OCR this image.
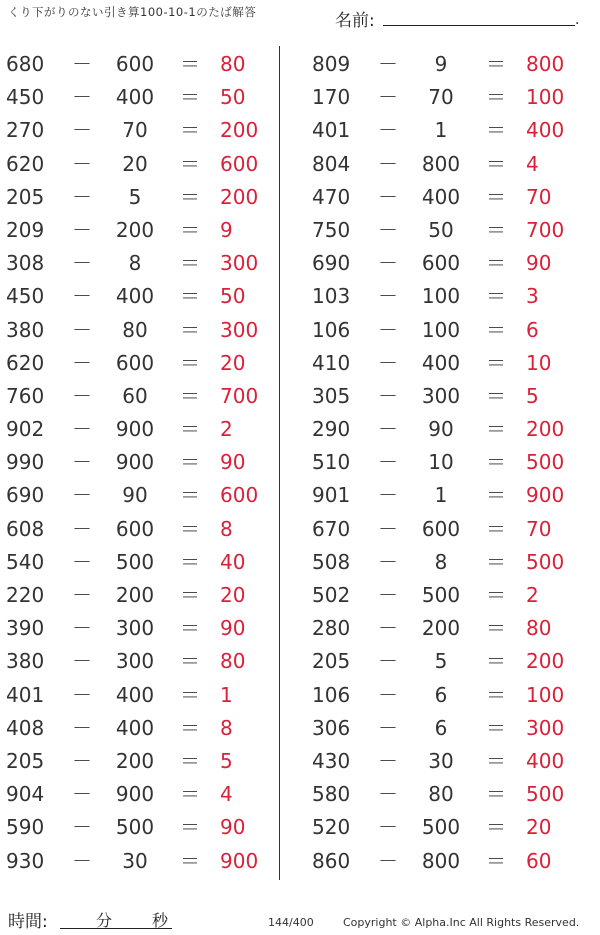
くり下がりのない引き算100-10-1のたば解答	名前:	.
680	－	600	＝ 80
450	－	400	＝ 50
270	－	70	＝ 200
620	－	20	＝ 600
205	－	5	＝ 200
209	－	200	＝ 9
308	－	8	＝ 300
450	－	400	＝ 50
380	－	80	＝ 300
620	－	600	＝ 20
760	－	60	＝ 700
902	－	900	＝ 2
990	－	900	＝ 90
690	－	90	＝ 600
608	－	600	＝ 8
540	－	500	＝ 40
220	－	200	＝ 20
390	－	300	＝ 90
380	－	300	＝ 80
401	－	400	＝ 1
408	－	400	＝ 8
205	－	200	＝ 5
904	－	900	＝ 4
590	－	500	＝ 90
930	－	30	＝ 900
809	－	9	＝ 800
170	－	70	＝ 100
401	－	1	＝ 400
804	－	800	＝ 4
470	－	400	＝ 70
750	－	50	＝ 700
690	－	600	＝ 90
103	－	100	＝ 3
106	－	100	＝ 6
410	－	400	＝ 10
305	－	300	＝ 5
290	－	90	＝ 200
510	－	10	＝ 500
901	－	1	＝ 900
670	－	600	＝ 70
508	－	8	＝ 500
502	－	500	＝ 2
280	－	200	＝ 80
205	－	5	＝ 200
106	－	6	＝ 100
306	－	6	＝ 300
430	－	30	＝ 400
580	－	80	＝ 500
520	－	500	＝ 20
860	－	800	＝ 60
時間:	分 秒	144/400	Copyright © Alpha.Inc All Rights Reserved.
